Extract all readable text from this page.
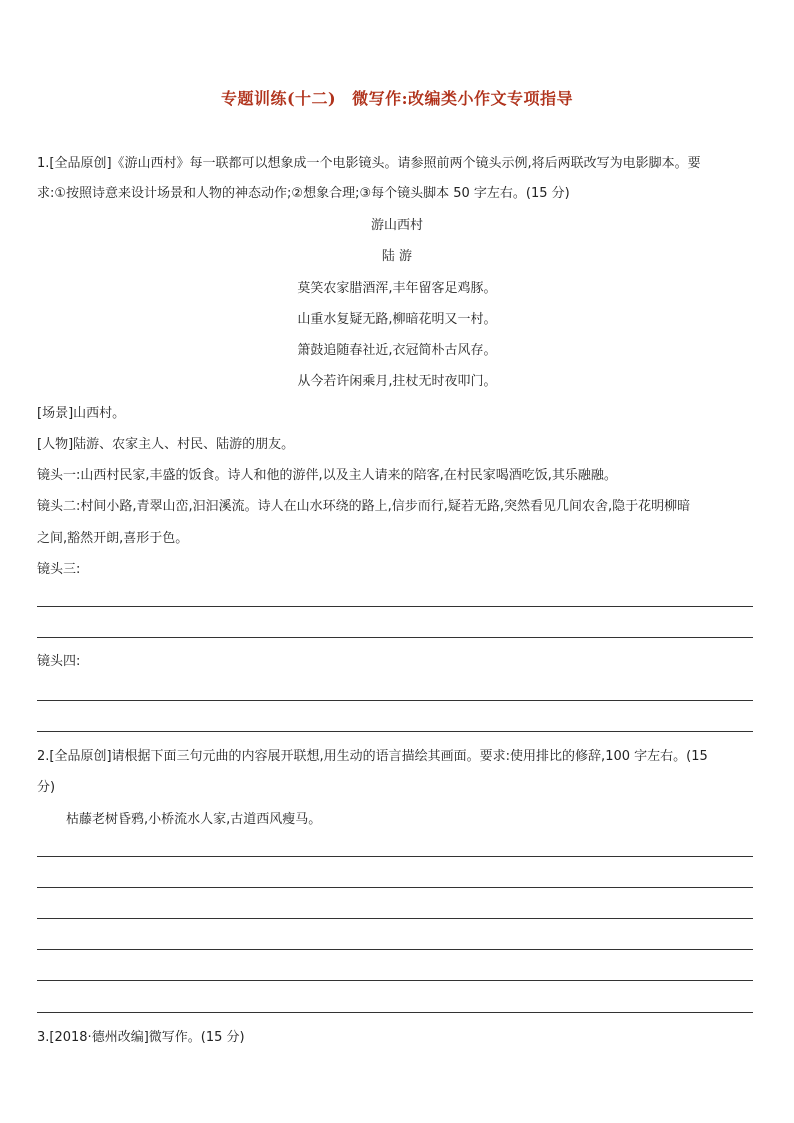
专题训练(十二) 微写作:改编类小作文专项指导
1.[全品原创]《游山西村》每一联都可以想象成一个电影镜头。请参照前两个镜头示例,将后两联改写为电影脚本。要
求:①按照诗意来设计场景和人物的神态动作;②想象合理;③每个镜头脚本 50 字左右。(15 分)
游山西村
陆 游
莫笑农家腊酒浑,丰年留客足鸡豚。
山重水复疑无路,柳暗花明又一村。
箫鼓追随春社近,衣冠简朴古风存。
从今若许闲乘月,拄杖无时夜叩门。
[场景]山西村。
[人物]陆游、农家主人、村民、陆游的朋友。
镜头一:山西村民家,丰盛的饭食。诗人和他的游伴,以及主人请来的陪客,在村民家喝酒吃饭,其乐融融。
镜头二:村间小路,青翠山峦,汩汩溪流。诗人在山水环绕的路上,信步而行,疑若无路,突然看见几间农舍,隐于花明柳暗
之间,豁然开朗,喜形于色。
镜头三:
镜头四:
2.[全品原创]请根据下面三句元曲的内容展开联想,用生动的语言描绘其画面。要求:使用排比的修辞,100 字左右。(15
分)
枯藤老树昏鸦,小桥流水人家,古道西风瘦马。
3.[2018·德州改编]微写作。(15 分)
